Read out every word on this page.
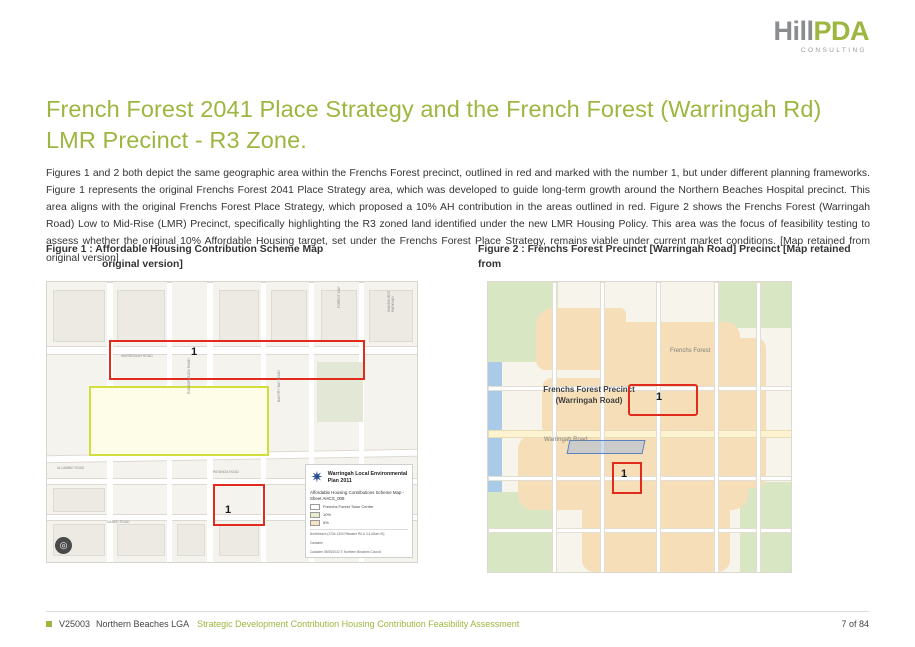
HillPDA
CONSULTING
French Forest 2041 Place Strategy and the French Forest (Warringah Rd) LMR Precinct - R3 Zone.

Figures 1 and 2 both depict the same geographic area within the Frenchs Forest precinct, outlined in red and marked with the number 1, but under different planning frameworks. Figure 1 represents the original Frenchs Forest 2041 Place Strategy area, which was developed to guide long-term growth around the Northern Beaches Hospital precinct. This area aligns with the original Frenchs Forest Place Strategy, which proposed a 10% AH contribution in the areas outlined in red. Figure 2 shows the Frenchs Forest (Warringah Road) Low to Mid-Rise (LMR) Precinct, specifically highlighting the R3 zoned land identified under the new LMR Housing Policy. This area was the focus of feasibility testing to assess whether the original 10% Affordable Housing target, set under the Frenchs Forest Place Strategy, remains viable under current market conditions. [Map retained from original version]

Figure 1 : Affordable Housing Contribution Scheme Map
original version]
Figure 2 : Frenchs Forest Precinct [Warringah Road] Precinct [Map retained from
1
1
WARRINGAH ROAD
FOREST WAY	WAKEHURST PARKWAY
RODBOROUGH ROAD
ALLAMBIE ROAD
PATANGA ROAD
NAREE ROAD
BANTRY BAY ROAD
◎
✷ Warringah Local Environmental Plan 2011
Affordable Housing Contributions Scheme Map - Sheet AHCS_008
Frenchs Forest Town Centre
10%
5%
Northbeach (1234-1300 Pittwater Rd & 3-4 Albert St)
Cadastre
Cadastre 05/05/2022 © Northern Beaches Council
Frenchs Forest
Warringah Road
Frenchs Forest Precinct (Warringah Road)	1
1
V25003 Northern Beaches LGA Strategic Development Contribution Housing Contribution Feasibility Assessment	7 of 84
